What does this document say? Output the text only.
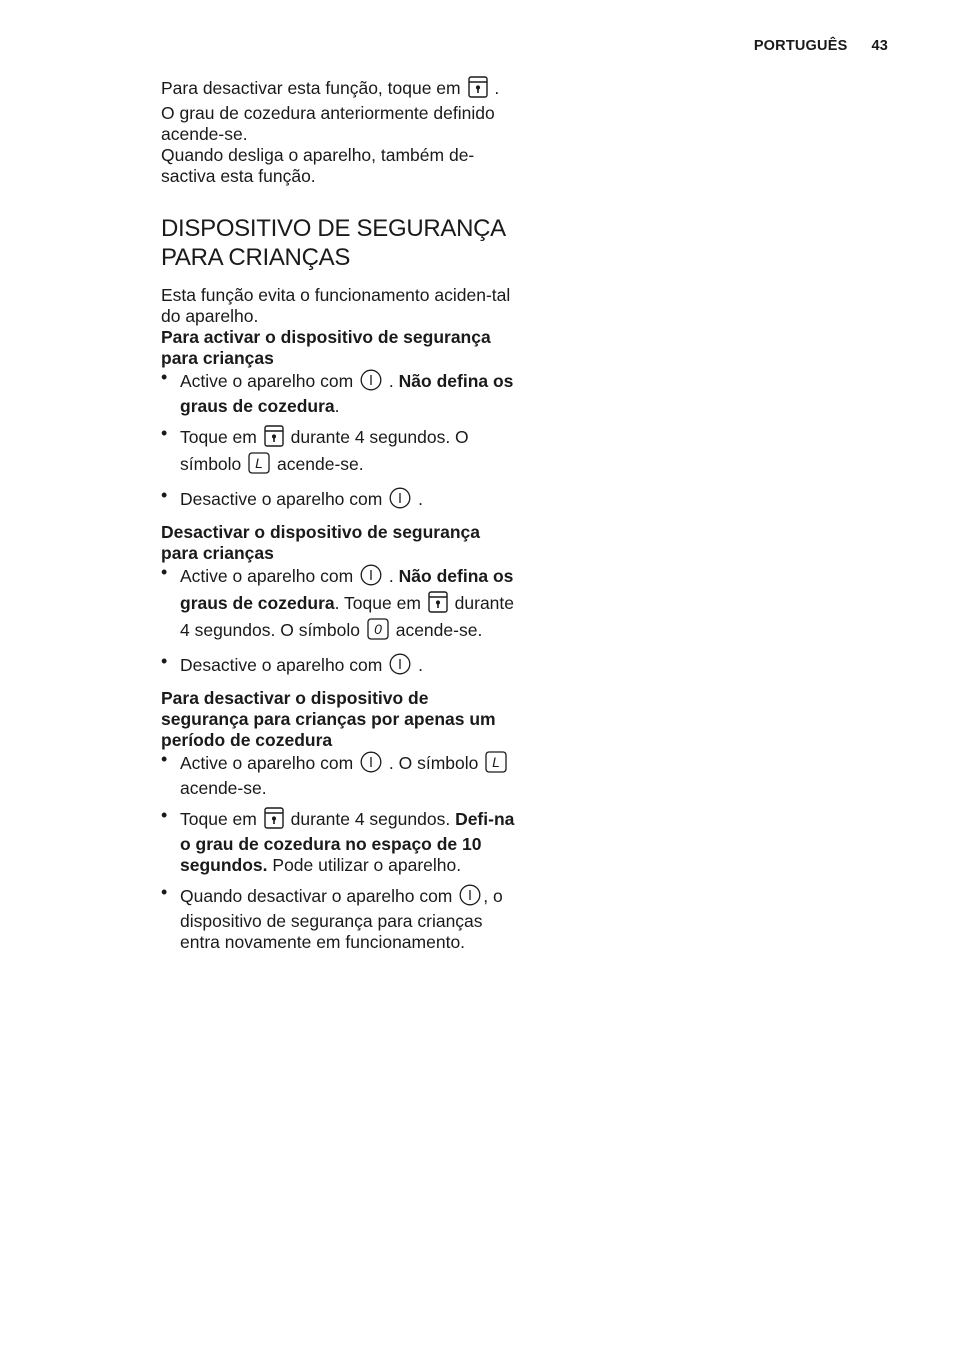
PORTUGUÊS 43

Para desactivar esta função, toque em .

O grau de cozedura anteriormente definido acende-se.

Quando desliga o aparelho, também de-sactiva esta função.

DISPOSITIVO DE SEGURANÇA
PARA CRIANÇAS

Esta função evita o funcionamento aciden-tal do aparelho.

Para activar o dispositivo de segurança para crianças

• Active o aparelho com . Não defina os graus de cozedura.
• Toque em durante 4 segundos. O símbolo L acende-se.
• Desactive o aparelho com .

Desactivar o dispositivo de segurança para crianças

• Active o aparelho com . Não defina os graus de cozedura. Toque em durante 4 segundos. O símbolo 0 acende-se.
• Desactive o aparelho com .

Para desactivar o dispositivo de segurança para crianças por apenas um período de cozedura

• Active o aparelho com . O símbolo L
acende-se.
• Toque em durante 4 segundos. Defi-na o grau de cozedura no espaço de 10 segundos. Pode utilizar o aparelho.
• Quando desactivar o aparelho com , o dispositivo de segurança para crianças entra novamente em funcionamento.
